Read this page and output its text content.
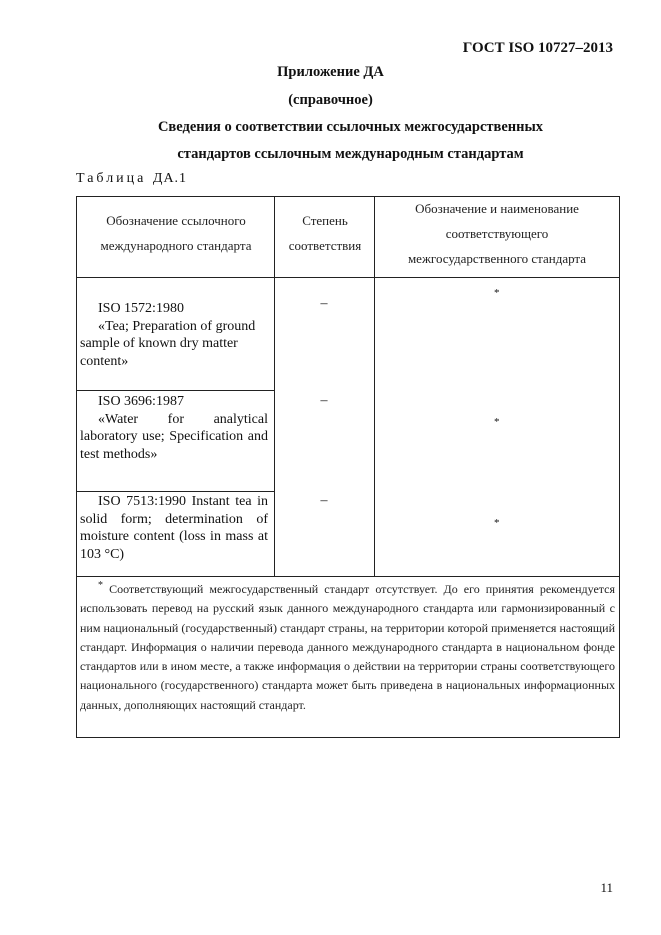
ГОСТ ISO 10727–2013
Приложение ДА
(справочное)
Сведения о соответствии ссылочных межгосударственных
стандартов ссылочным международным стандартам
Таблица ДА.1
Обозначение ссылочного
международного стандарта
Степень
соответствия
Обозначение и наименование
соответствующего
межгосударственного стандарта
ISO 1572:1980
«Tea; Preparation of ground sample of known dry matter content»
–
*
ISO 3696:1987
«Water for analytical laboratory use; Specification and test methods»
–
*
ISO 7513:1990 Instant tea in solid form; determination of moisture content (loss in mass at 103 °C)
–
*
* Соответствующий межгосударственный стандарт отсутствует. До его принятия рекомендуется использовать перевод на русский язык данного международного стандарта или гармонизированный с ним национальный (государственный) стандарт страны, на территории которой применяется настоящий стандарт. Информация о наличии перевода данного международного стандарта в национальном фонде стандартов или в ином месте, а также информация о действии на территории страны соответствующего национального (государственного) стандарта может быть приведена в национальных информационных данных, дополняющих настоящий стандарт.
11
